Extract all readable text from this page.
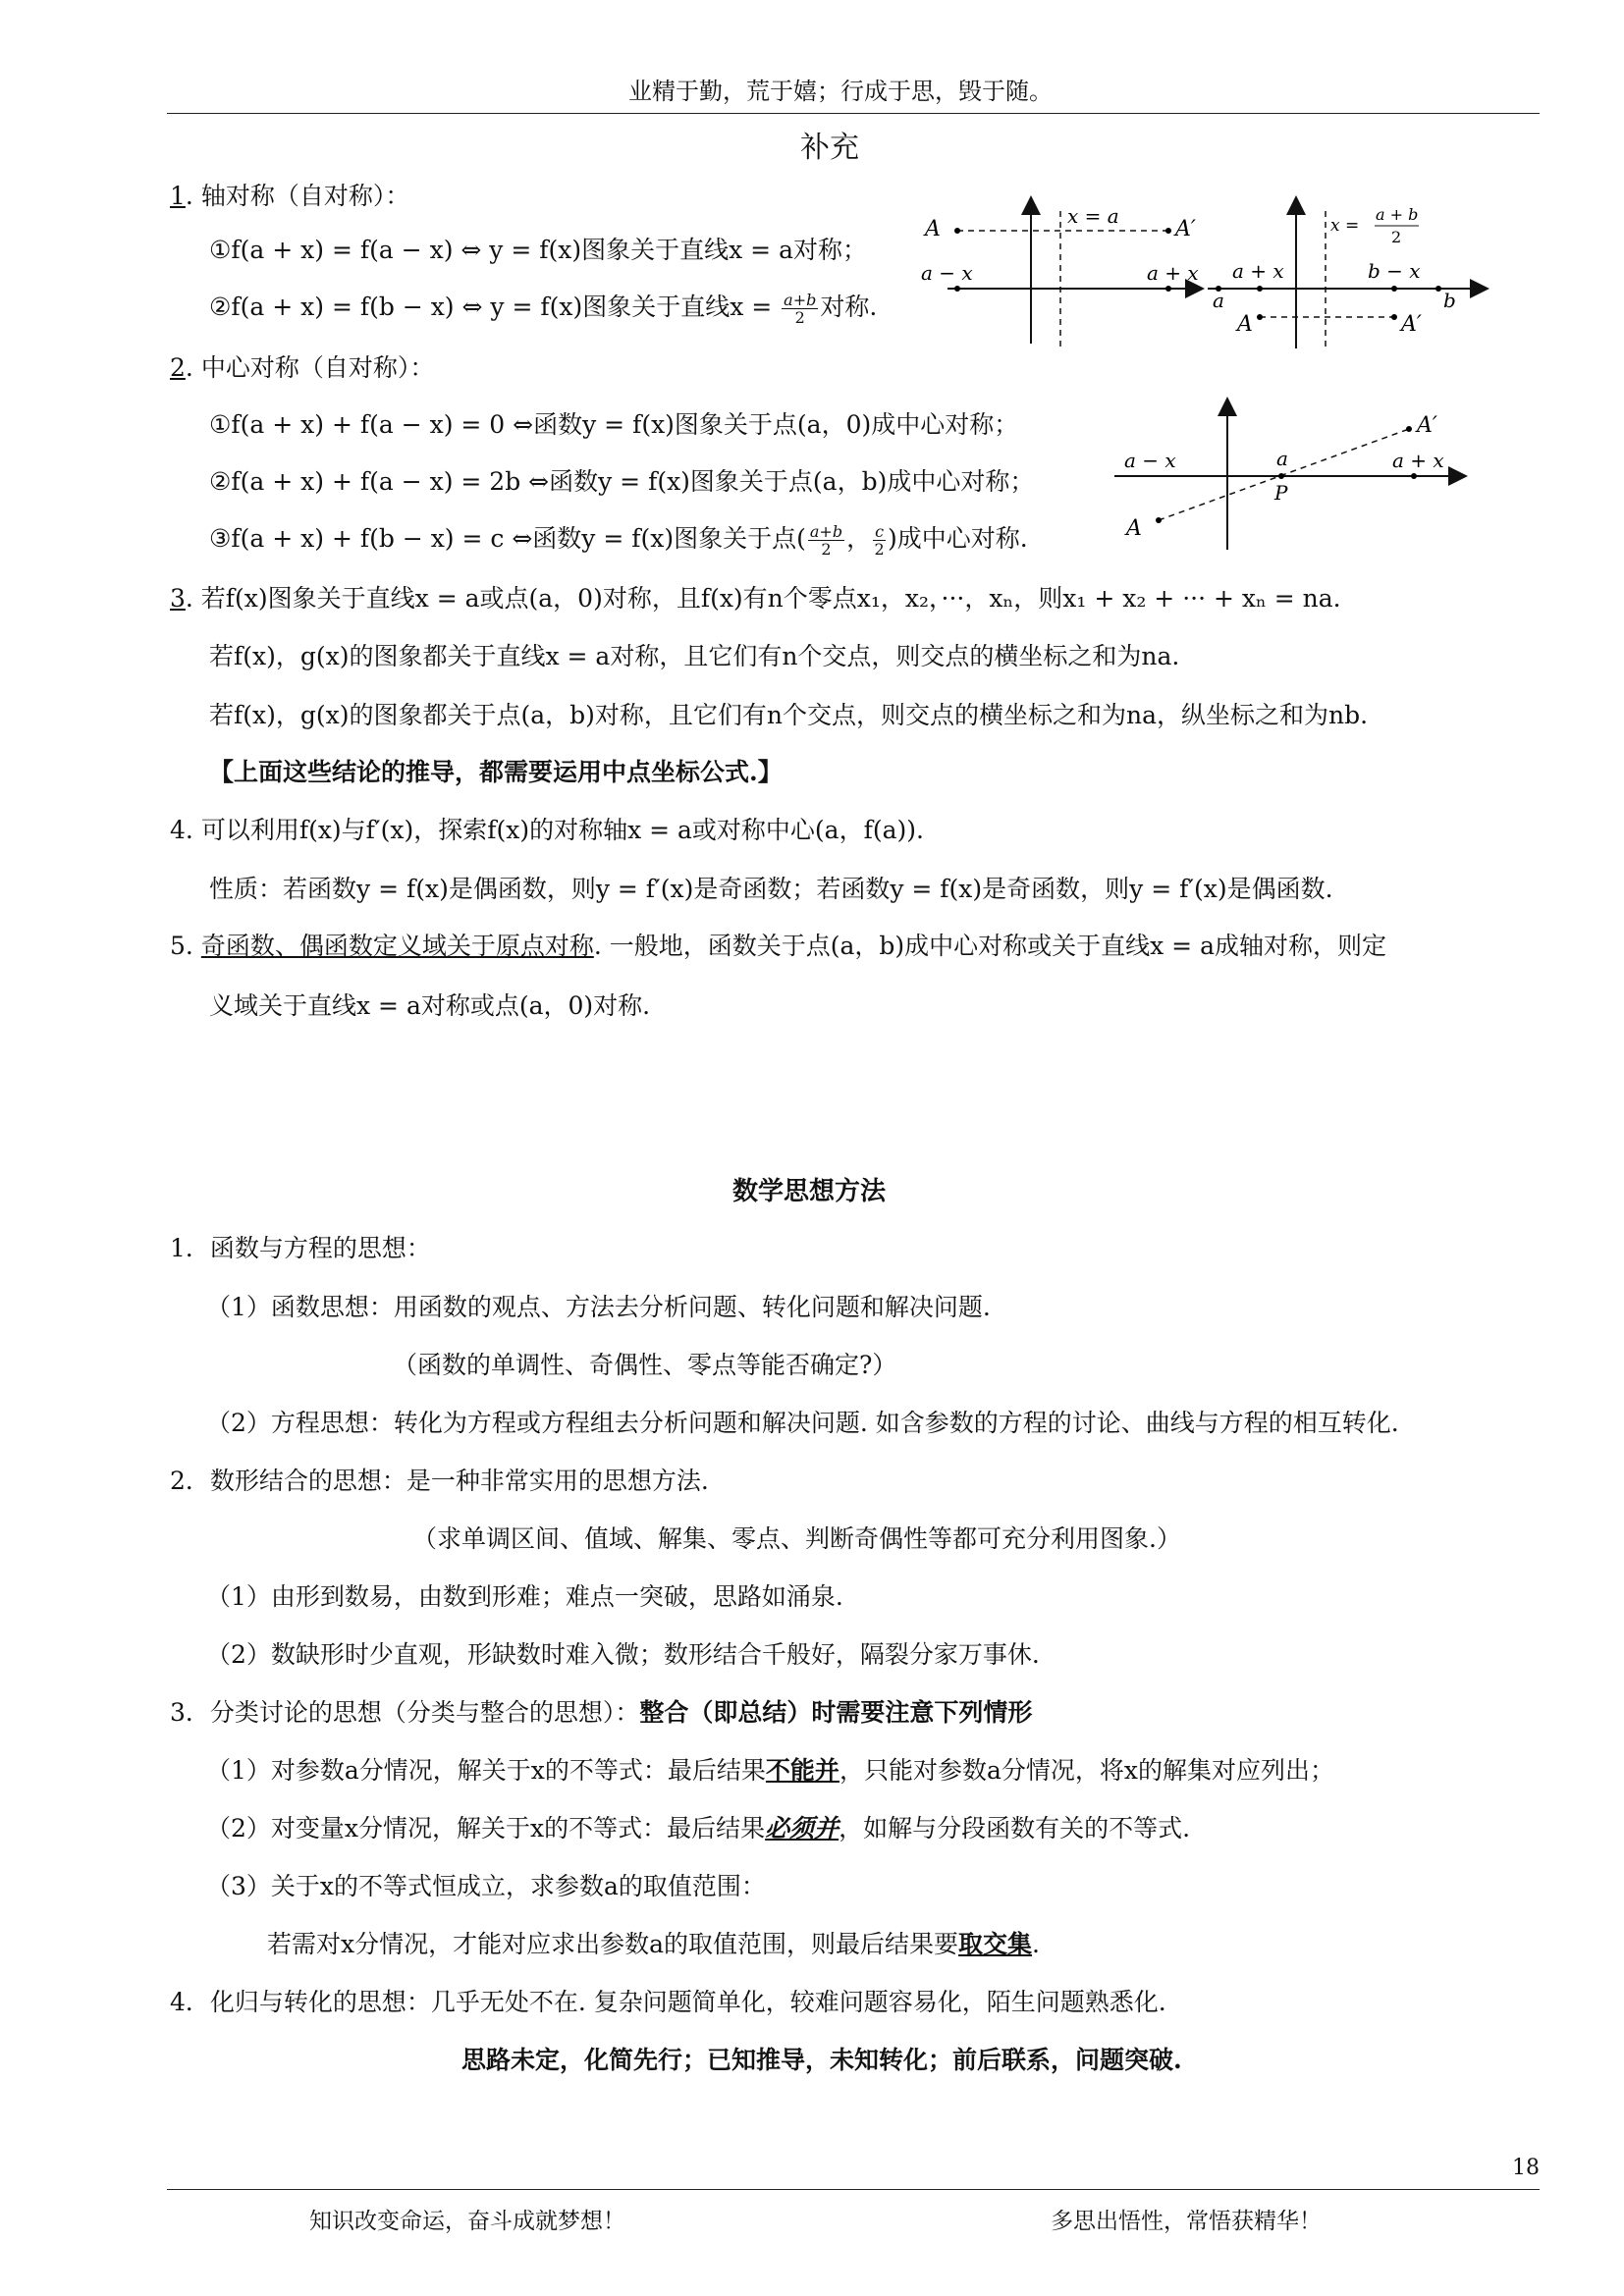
业精于勤，荒于嬉；行成于思，毁于随。
补充
1. 轴对称（自对称）：
①f(a + x) = f(a − x) ⇔ y = f(x)图象关于直线x = a对称；
②f(a + x) = f(b − x) ⇔ y = f(x)图象关于直线$x = \frac{a+b}{2}$ 对称.
2. 中心对称（自对称）：
①f(a + x) + f(a − x) = 0 ⇔函数y = f(x)图象关于点(a，0)成中心对称；
②f(a + x) + f(a − x) = 2b ⇔函数y = f(x)图象关于点(a，b)成中心对称；
③f(a + x) + f(b − x) = c ⇔函数y = f(x)图象关于点( $\frac{a+b}{2}$ ， $\frac{c}{2}$ )成中心对称.
3. 若f(x)图象关于直线x = a或点(a，0)对称，且f(x)有n个零点x₁，x₂，···，xₙ，则x₁ + x₂ + ··· + xₙ = na.
若f(x)，g(x)的图象都关于直线x = a对称，且它们有n个交点，则交点的横坐标之和为na.
若f(x)，g(x)的图象都关于点(a，b)对称，且它们有n个交点，则交点的横坐标之和为na，纵坐标之和为nb.
【上面这些结论的推导，都需要运用中点坐标公式.】
4. 可以利用f(x)与f′(x)，探索f(x)的对称轴x = a或对称中心(a，f(a)).
性质：若函数y = f(x)是偶函数，则y = f′(x)是奇函数；若函数y = f(x)是奇函数，则y = f′(x)是偶函数.
5. 奇函数、偶函数定义域关于原点对称. 一般地，函数关于点(a，b)成中心对称或关于直线x = a成轴对称，则定
义域关于直线x = a对称或点(a，0)对称.
A	A′
x = a
a − x	a + x
x =
a + b
2
a + x	b − x
a	b
A	A′
A
A′
a − x	a
P
a + x
数学思想方法
1．函数与方程的思想：
（1）函数思想：用函数的观点、方法去分析问题、转化问题和解决问题.
（函数的单调性、奇偶性、零点等能否确定?）
（2）方程思想：转化为方程或方程组去分析问题和解决问题. 如含参数的方程的讨论、曲线与方程的相互转化.
2．数形结合的思想：是一种非常实用的思想方法.
（求单调区间、值域、解集、零点、判断奇偶性等都可充分利用图象.）
（1）由形到数易，由数到形难；难点一突破，思路如涌泉.
（2）数缺形时少直观，形缺数时难入微；数形结合千般好，隔裂分家万事休.
3．分类讨论的思想（分类与整合的思想）：整合（即总结）时需要注意下列情形
（1）对参数a分情况，解关于x的不等式：最后结果不能并，只能对参数a分情况，将x的解集对应列出；
（2）对变量x分情况，解关于x的不等式：最后结果必须并，如解与分段函数有关的不等式.
（3）关于x的不等式恒成立，求参数a的取值范围：
若需对x分情况，才能对应求出参数a的取值范围，则最后结果要取交集.
4．化归与转化的思想：几乎无处不在. 复杂问题简单化，较难问题容易化，陌生问题熟悉化.
思路未定，化简先行；已知推导，未知转化；前后联系，问题突破.
18
知识改变命运，奋斗成就梦想！	多思出悟性，常悟获精华！
